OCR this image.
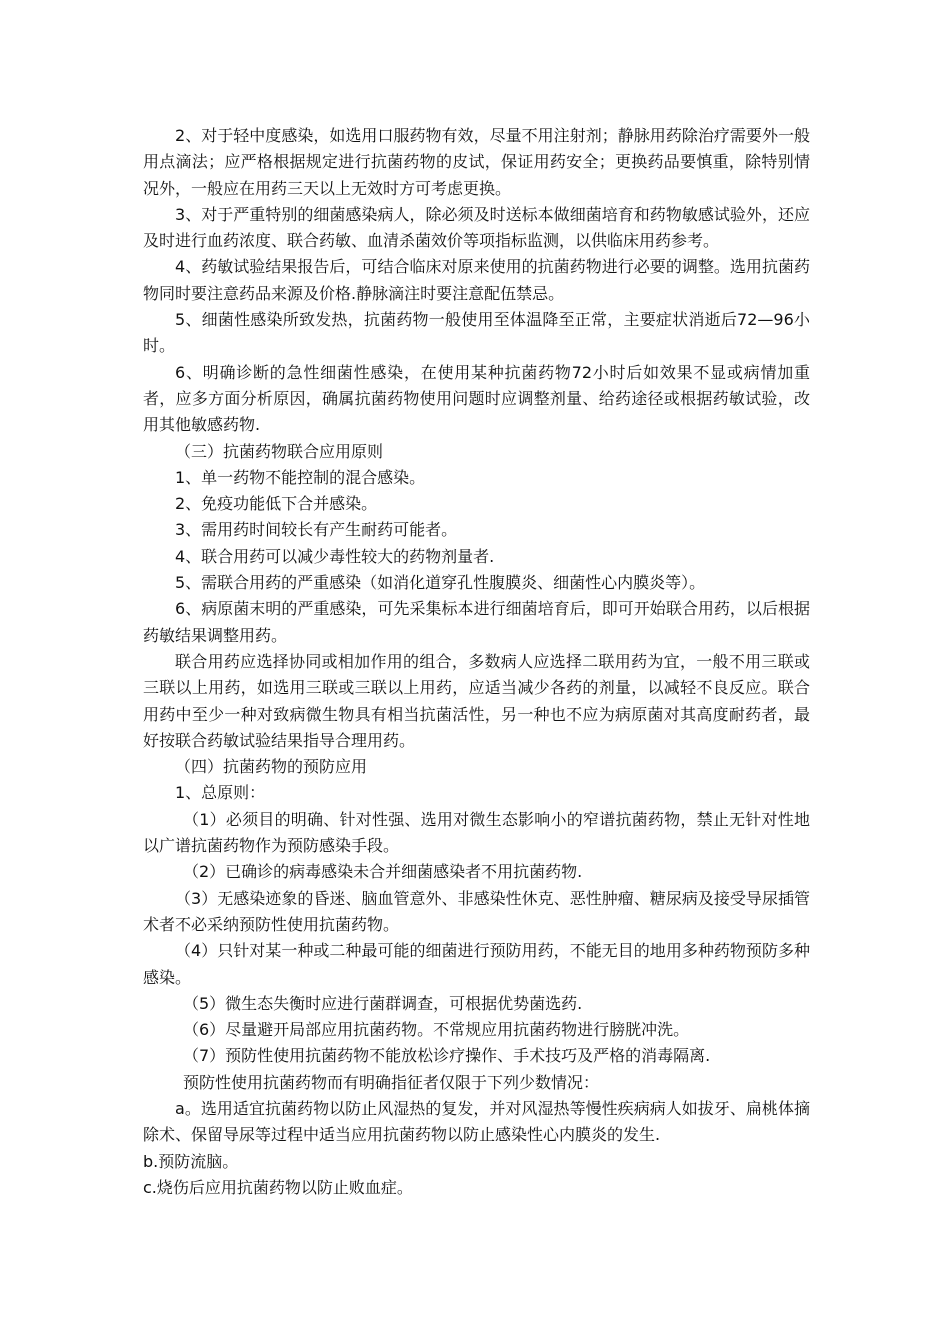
2、对于轻中度感染，如选用口服药物有效，尽量不用注射剂；静脉用药除治疗需要外一般用点滴法；应严格根据规定进行抗菌药物的皮试，保证用药安全；更换药品要慎重，除特别情况外，一般应在用药三天以上无效时方可考虑更换。

3、对于严重特别的细菌感染病人，除必须及时送标本做细菌培育和药物敏感试验外，还应及时进行血药浓度、联合药敏、血清杀菌效价等项指标监测，以供临床用药参考。

4、药敏试验结果报告后，可结合临床对原来使用的抗菌药物进行必要的调整。选用抗菌药物同时要注意药品来源及价格.静脉滴注时要注意配伍禁忌。

5、细菌性感染所致发热，抗菌药物一般使用至体温降至正常，主要症状消逝后72—96小时。

6、明确诊断的急性细菌性感染，在使用某种抗菌药物72小时后如效果不显或病情加重者，应多方面分析原因，确属抗菌药物使用问题时应调整剂量、给药途径或根据药敏试验，改用其他敏感药物.

（三）抗菌药物联合应用原则

1、单一药物不能控制的混合感染。

2、免疫功能低下合并感染。

3、需用药时间较长有产生耐药可能者。

4、联合用药可以减少毒性较大的药物剂量者.

5、需联合用药的严重感染（如消化道穿孔性腹膜炎、细菌性心内膜炎等）。

6、病原菌末明的严重感染，可先采集标本进行细菌培育后，即可开始联合用药，以后根据药敏结果调整用药。

联合用药应选择协同或相加作用的组合，多数病人应选择二联用药为宜，一般不用三联或三联以上用药，如选用三联或三联以上用药，应适当减少各药的剂量，以减轻不良反应。联合用药中至少一种对致病微生物具有相当抗菌活性，另一种也不应为病原菌对其高度耐药者，最好按联合药敏试验结果指导合理用药。

（四）抗菌药物的预防应用

1、总原则：

（1）必须目的明确、针对性强、选用对微生态影响小的窄谱抗菌药物，禁止无针对性地以广谱抗菌药物作为预防感染手段。

（2）已确诊的病毒感染未合并细菌感染者不用抗菌药物.

（3）无感染迹象的昏迷、脑血管意外、非感染性休克、恶性肿瘤、糖尿病及接受导尿插管术者不必采纳预防性使用抗菌药物。

（4）只针对某一种或二种最可能的细菌进行预防用药，不能无目的地用多种药物预防多种感染。

（5）微生态失衡时应进行菌群调查，可根据优势菌选药.

（6）尽量避开局部应用抗菌药物。不常规应用抗菌药物进行膀胱冲洗。

（7）预防性使用抗菌药物不能放松诊疗操作、手术技巧及严格的消毒隔离.

预防性使用抗菌药物而有明确指征者仅限于下列少数情况：

a。选用适宜抗菌药物以防止风湿热的复发，并对风湿热等慢性疾病病人如拔牙、扁桃体摘除术、保留导尿等过程中适当应用抗菌药物以防止感染性心内膜炎的发生.

b.预防流脑。

c.烧伤后应用抗菌药物以防止败血症。
